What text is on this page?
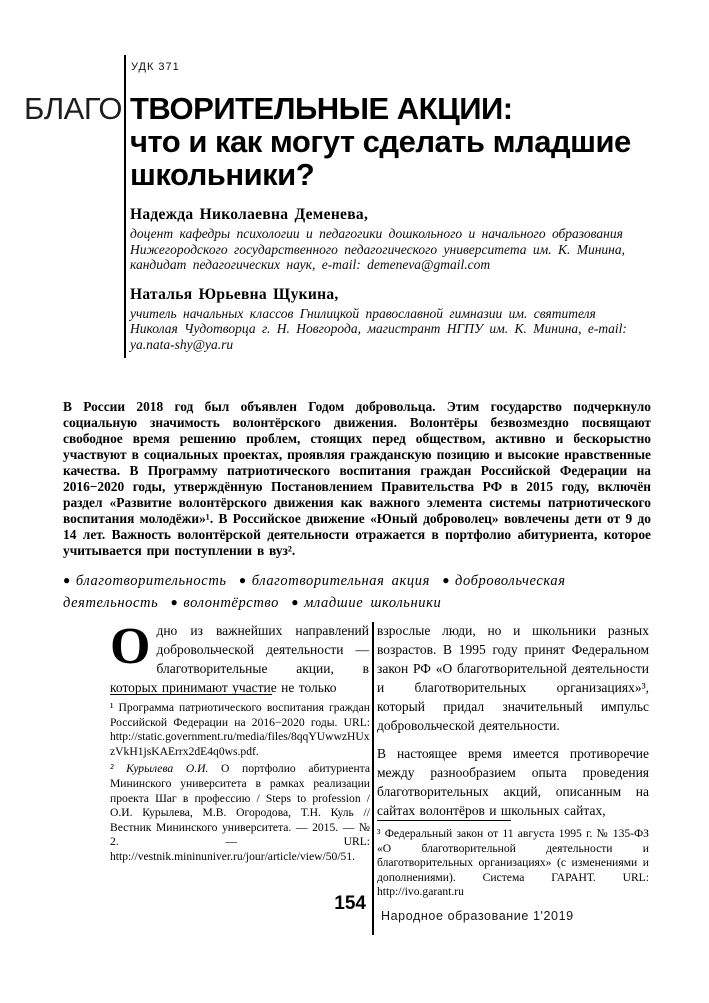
УДК 371
БЛАГО ТВОРИТЕЛЬНЫЕ АКЦИИ:
что и как могут сделать младшие
школьники?
Надежда Николаевна Деменева,
доцент кафедры психологии и педагогики дошкольного и начального образования Нижегородского государственного педагогического университета им. К. Минина, кандидат педагогических наук, e-mail: demeneva@gmail.com
Наталья Юрьевна Щукина,
учитель начальных классов Гнилицкой православной гимназии им. святителя Николая Чудотворца г. Н. Новгорода, магистрант НГПУ им. К. Минина, e-mail: ya.nata-shy@ya.ru
В России 2018 год был объявлен Годом добровольца. Этим государство подчеркнуло социальную значимость волонтёрского движения. Волонтёры безвозмездно посвящают свободное время решению проблем, стоящих перед обществом, активно и бескорыстно участвуют в социальных проектах, проявляя гражданскую позицию и высокие нравственные качества. В Программу патриотического воспитания граждан Российской Федерации на 2016−2020 годы, утверждённую Постановлением Правительства РФ в 2015 году, включён раздел «Развитие волонтёрского движения как важного элемента системы патриотического воспитания молодёжи»¹. В Российское движение «Юный доброволец» вовлечены дети от 9 до 14 лет. Важность волонтёрской деятельности отражается в портфолио абитуриента, которое учитывается при поступлении в вуз².
● благотворительность ● благотворительная акция ● добровольческая деятельность ● волонтёрство ● младшие школьники
Одно из важнейших направлений добровольческой деятельности — благотворительные акции, в которых принимают участие не только
взрослые люди, но и школьники разных возрастов. В 1995 году принят Федеральном закон РФ «О благотворительной деятельности и благотворительных организациях»³, который придал значительный импульс добровольческой деятельности.
В настоящее время имеется противоречие между разнообразием опыта проведения благотворительных акций, описанным на сайтах волонтёров и школьных сайтах,
¹ Программа патриотического воспитания граждан Российской Федерации на 2016−2020 годы. URL: http://static.government.ru/media/files/8qqYUwwzHUxzVkH1jsKAErrx2dE4q0ws.pdf.
² Курылева О.И. О портфолио абитуриента Мининского университета в рамках реализации проекта Шаг в профессию / Steps to profession / О.И. Курылева, М.В. Огородова, Т.Н. Куль // Вестник Мининского университета. — 2015. — № 2. — URL: http://vestnik.mininuniver.ru/jour/article/view/50/51.
³ Федеральный закон от 11 августа 1995 г. № 135-ФЗ «О благотворительной деятельности и благотворительных организациях» (с изменениями и дополнениями). Система ГАРАНТ. URL: http://ivo.garant.ru
154
Народное образование 1'2019
